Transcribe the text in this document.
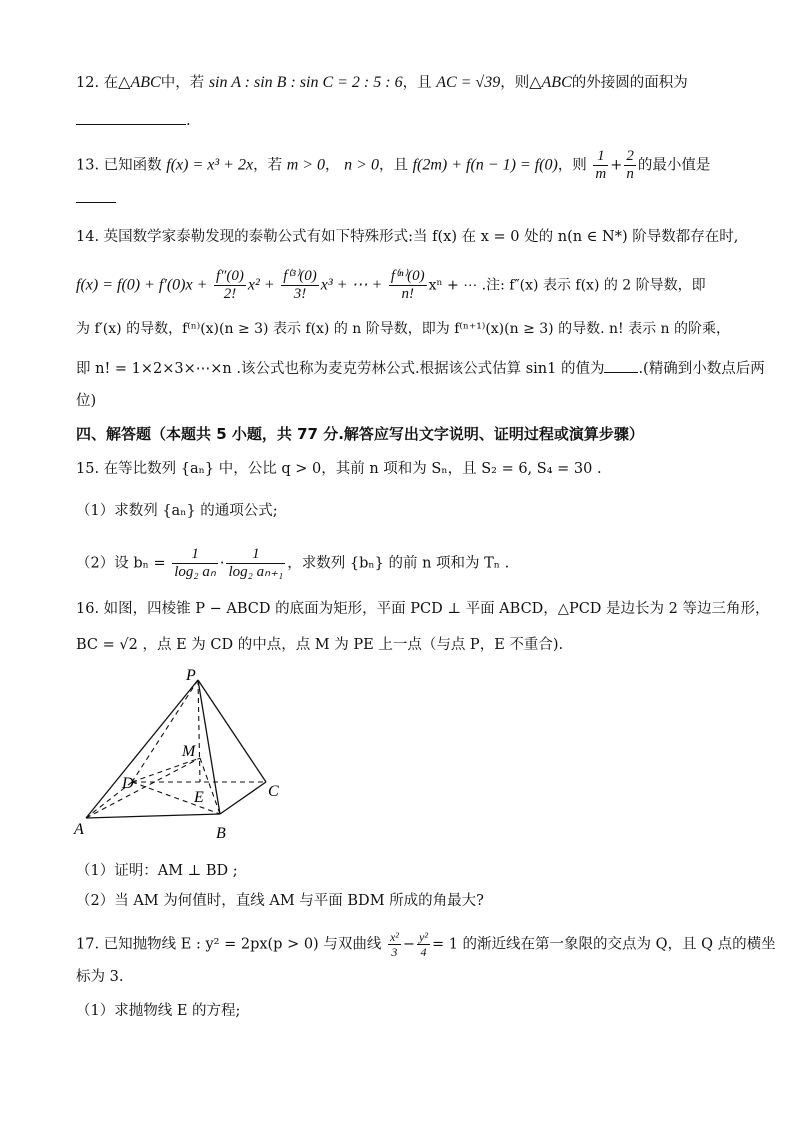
12. 在△ABC中，若 sin A : sin B : sin C = 2 : 5 : 6，且 AC = √39，则△ABC的外接圆的面积为
.
13. 已知函数 f(x) = x³ + 2x，若 m > 0， n > 0，且 f(2m) + f(n − 1) = f(0)，则 $\frac{1}{m} + \frac{2}{n}$ 的最小值是
14. 英国数学家泰勒发现的泰勒公式有如下特殊形式:当 f(x) 在 x = 0 处的 n(n ∈ N*) 阶导数都存在时,
$f(x) = f(0) + f'(0)x + \frac{f''(0)}{2!} x^2 + \frac{\text{f⁽³⁾(0)}}{3!} x^3$ + ⋯ + $\frac{\text{f⁽ⁿ⁾(0)}}{n!}$ xⁿ + ⋯ .注: f″(x) 表示 f(x) 的 2 阶导数，即
为 f′(x) 的导数，f⁽ⁿ⁾(x)(n ≥ 3) 表示 f(x) 的 n 阶导数，即为 f⁽ⁿ⁺¹⁾(x)(n ≥ 3) 的导数. n! 表示 n 的阶乘，
即 n! = 1×2×3×⋯×n .该公式也称为麦克劳林公式.根据该公式估算 sin1 的值为 .(精确到小数点后两
位)
四、解答题（本题共 5 小题，共 77 分.解答应写出文字说明、证明过程或演算步骤）
15. 在等比数列 {aₙ} 中，公比 q > 0，其前 n 项和为 Sₙ，且 S₂ = 6, S₄ = 30 .
（1）求数列 {aₙ} 的通项公式;
（2）设 $b_n = \frac{1}{\text{log₂ aₙ}} \cdot \frac{1}{\text{log₂ aₙ₊₁}}$ ，求数列 {bₙ} 的前 n 项和为 Tₙ .
16. 如图，四棱锥 P − ABCD 的底面为矩形，平面 PCD ⊥ 平面 ABCD，△PCD 是边长为 2 等边三角形，
BC = √2 ，点 E 为 CD 的中点，点 M 为 PE 上一点（与点 P，E 不重合).
P
M
D
E	C
A	B
（1）证明：AM ⊥ BD ;
（2）当 AM 为何值时，直线 AM 与平面 BDM 所成的角最大?
17. 已知抛物线 E : y² = 2px(p > 0) 与双曲线 $\frac{\text{x²}}{3} - \frac{\text{y²}}{4} = 1$ 的渐近线在第一象限的交点为 Q，且 Q 点的横坐
标为 3.
（1）求抛物线 E 的方程;
